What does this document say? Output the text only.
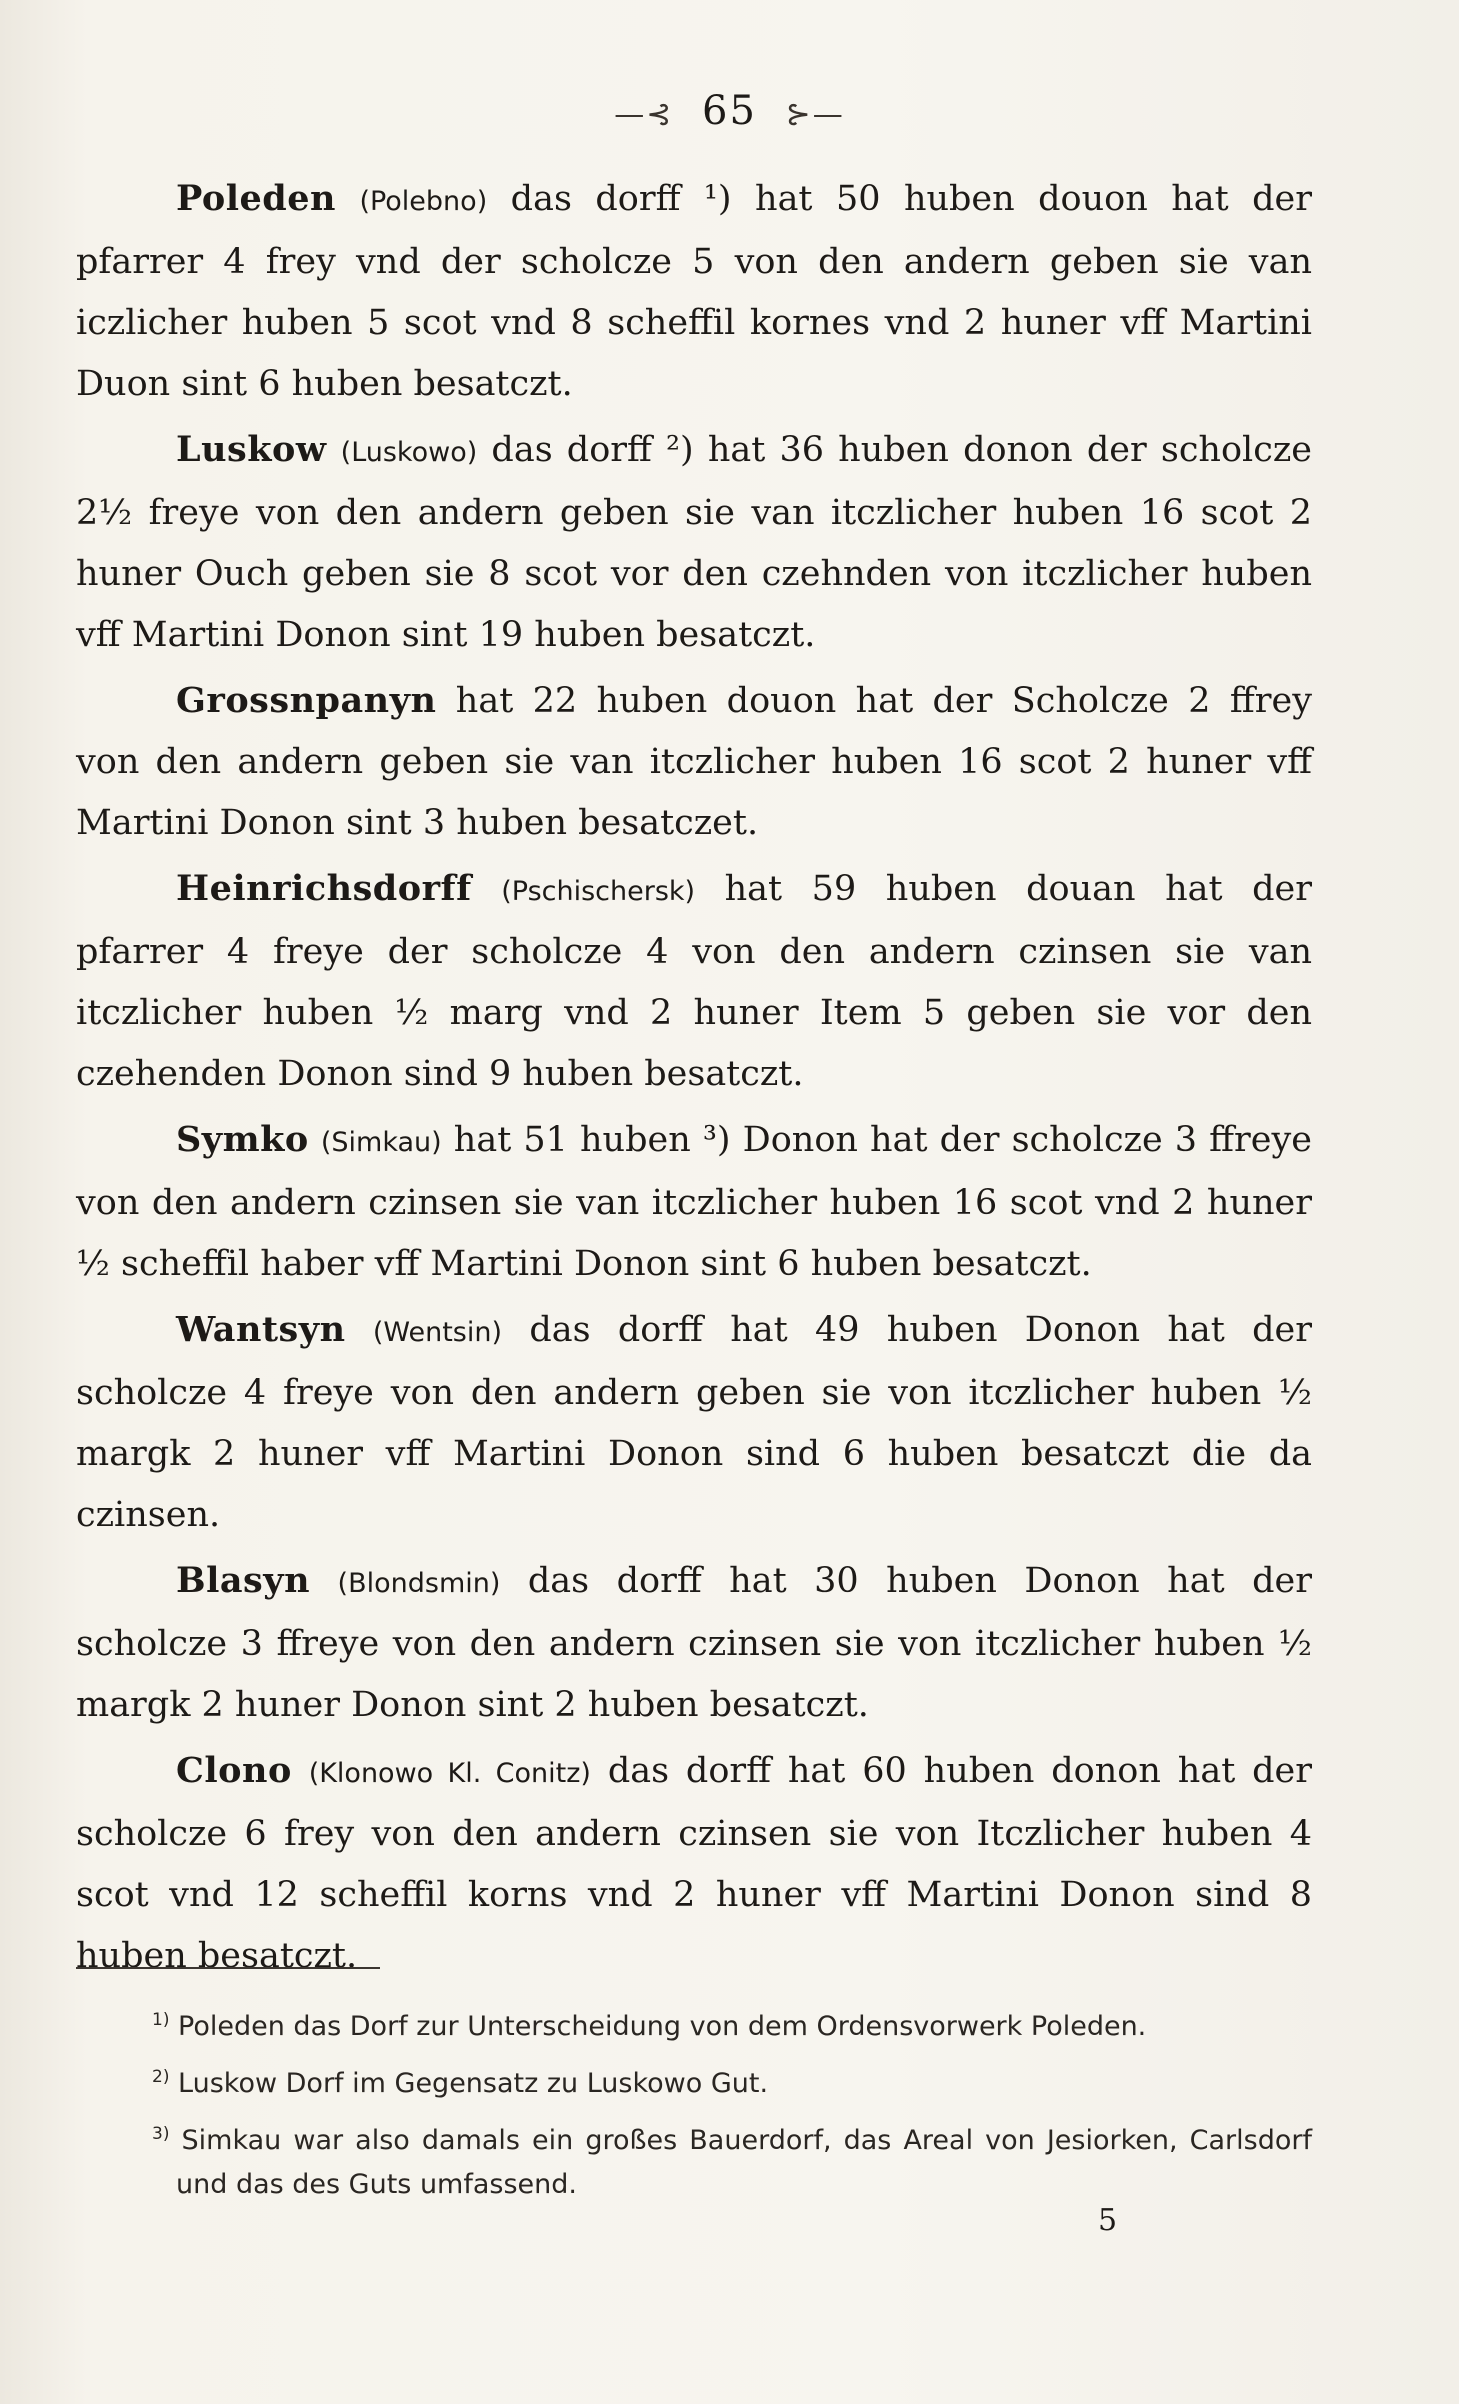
—⊰ 65 ⊱—

Poleden (Polebno) das dorff ¹) hat 50 huben douon hat der pfarrer 4 frey vnd der scholcze 5 von den andern geben sie van iczlicher huben 5 scot vnd 8 scheffil kornes vnd 2 huner vff Martini Duon sint 6 huben besatczt.

Luskow (Luskowo) das dorff ²) hat 36 huben donon der scholcze 2½ freye von den andern geben sie van itczlicher huben 16 scot 2 huner Ouch geben sie 8 scot vor den czehnden von itczlicher huben vff Martini Donon sint 19 huben besatczt.

Grossnpanyn hat 22 huben douon hat der Scholcze 2 ffrey von den andern geben sie van itczlicher huben 16 scot 2 huner vff Martini Donon sint 3 huben besatczet.

Heinrichsdorff (Pschischersk) hat 59 huben douan hat der pfarrer 4 freye der scholcze 4 von den andern czinsen sie van itczlicher huben ½ marg vnd 2 huner Item 5 geben sie vor den czehenden Donon sind 9 huben besatczt.

Symko (Simkau) hat 51 huben ³) Donon hat der scholcze 3 ffreye von den andern czinsen sie van itczlicher huben 16 scot vnd 2 huner ½ scheffil haber vff Martini Donon sint 6 huben besatczt.

Wantsyn (Wentsin) das dorff hat 49 huben Donon hat der scholcze 4 freye von den andern geben sie von itczlicher huben ½ margk 2 huner vff Martini Donon sind 6 huben besatczt die da czinsen.

Blasyn (Blondsmin) das dorff hat 30 huben Donon hat der scholcze 3 ffreye von den andern czinsen sie von itczlicher huben ½ margk 2 huner Donon sint 2 huben besatczt.

Clono (Klonowo Kl. Conitz) das dorff hat 60 huben donon hat der scholcze 6 frey von den andern czinsen sie von Itczlicher huben 4 scot vnd 12 scheffil korns vnd 2 huner vff Martini Donon sind 8 huben besatczt.

$^{1)}$ Poleden das Dorf zur Unterscheidung von dem Ordensvorwerk Poleden.

$^{2)}$ Luskow Dorf im Gegensatz zu Luskowo Gut.

$^{3)}$ Simkau war also damals ein großes Bauerdorf, das Areal von Jesiorken, Carlsdorf und das des Guts umfassend.

5
